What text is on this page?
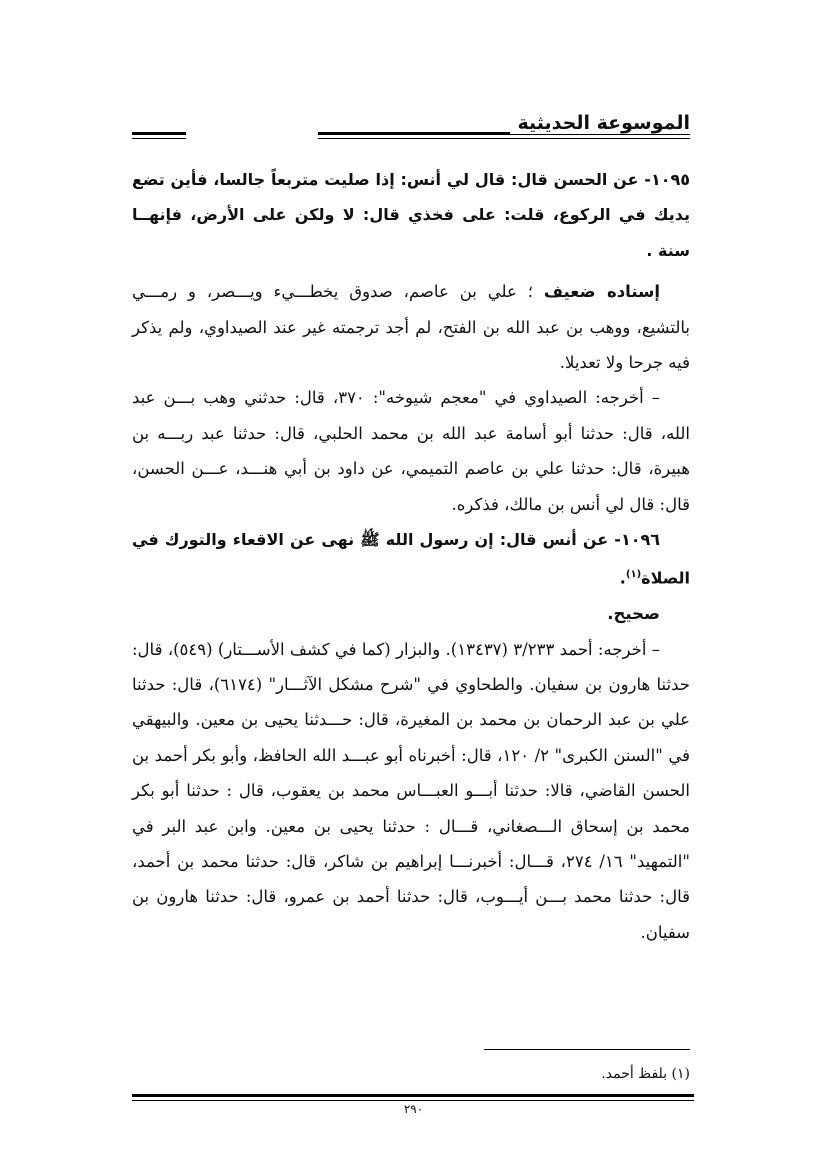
الموسوعة الحديثية

١٠٩٥- عن الحسن قال: قال لي أنس: إذا صليت متربعاً جالسا، فأين تضع يديك في الركوع، قلت: على فخذي قال: لا ولكن على الأرض، فإنهــا سنة .

إسناده ضعيف ؛ علي بن عاصم، صدوق يخطـــيء ويـــصر، و رمـــي بالتشيع، ووهب بن عبد الله بن الفتح، لم أجد ترجمته غير عند الصيداوي، ولم يذكر فيه جرحا ولا تعديلا.

– أخرجه: الصيداوي في "معجم شيوخه": ٣٧٠، قال: حدثني وهب بـــن عبد الله، قال: حدثنا أبو أسامة عبد الله بن محمد الحلبي، قال: حدثنا عبد ربـــه بن هبيرة، قال: حدثنا علي بن عاصم التميمي، عن داود بن أبي هنـــد، عـــن الحسن، قال: قال لي أنس بن مالك، فذكره.

١٠٩٦- عن أنس قال: إن رسول الله ﷺ نهى عن الاقعاء والتورك في الصلاة$^{(١)}$.

صحيح.

– أخرجه: أحمد ٣/٢٣٣ (١٣٤٣٧). والبزار (كما في كشف الأســـتار) (٥٤٩)، قال: حدثنا هارون بن سفيان. والطحاوي في "شرح مشكل الآثـــار" (٦١٧٤)، قال: حدثنا علي بن عبد الرحمان بن محمد بن المغيرة، قال: حـــدثنا يحيى بن معين. والبيهقي في "السنن الكبرى" ٢/ ١٢٠، قال: أخبرناه أبو عبـــد الله الحافظ، وأبو بكر أحمد بن الحسن القاضي، قالا: حدثنا أبـــو العبـــاس محمد بن يعقوب، قال : حدثنا أبو بكر محمد بن إسحاق الـــصغاني، قـــال : حدثنا يحيى بن معين. وابن عبد البر في "التمهيد" ١٦/ ٢٧٤، قـــال: أخبرنـــا إبراهيم بن شاكر، قال: حدثنا محمد بن أحمد، قال: حدثنا محمد بـــن أيـــوب، قال: حدثنا أحمد بن عمرو، قال: حدثنا هارون بن سفيان.

(١) بلفظ أحمد.
٢٩٠
